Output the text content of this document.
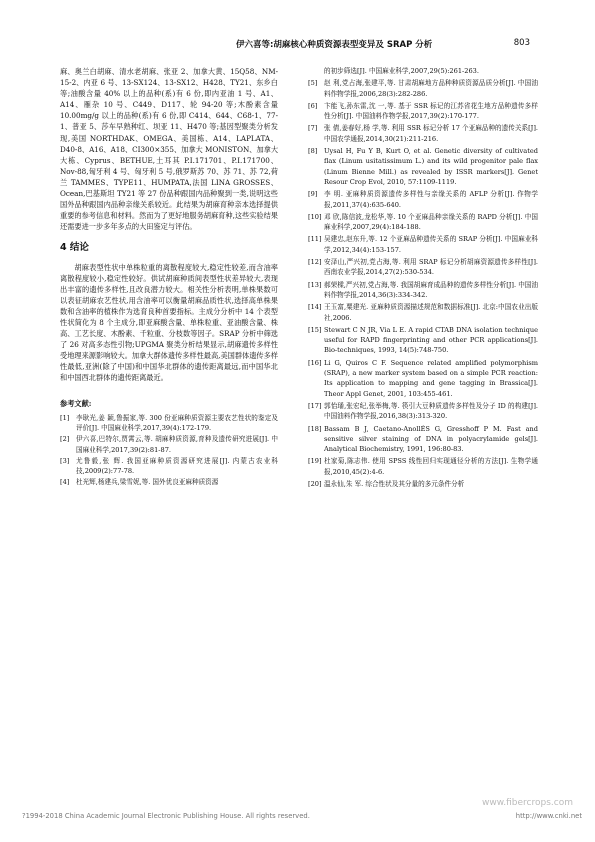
伊六喜等:胡麻核心种质资源表型变异及 SRAP 分析	803

麻、奥兰白胡麻、清水老胡麻、张亚 2、加拿大黄、15Q58、NM-15-2、内亚 6 号、13-SX124、13-SX12、H428、TY21、东乡白等;油酸含量 40% 以上的品种(系)有 6 份,即内亚油 1 号、A1、A14、雁杂 10 号、C449、D117、轮 94-20 等;木酚素含量 10.00mg/g 以上的品种(系)有 6 份,即 C414、644、C68-1、77-1、普亚 5、莎车早熟种红、坝亚 11、H470 等;基因型聚类分析发现,美国 NORTHDAK、OMEGA、美国栋、A14、LAPLATA、D40-8、A16、A18、CI300×355、加拿大 MONISTON、加拿大大栋、Cyprus、BETHUE,土耳其 P.I.171701、P.I.171700、Nov-88,匈牙利 4 号、匈牙利 5 号,俄罗斯苏 70、苏 71、苏 72,荷兰 TAMMES、TYPE11、HUMPATA,法国 LINA GROSSES、Ocean,巴基斯坦 TY21 等 27 份品种跟国内品种聚到一类,说明这些国外品种跟国内品种亲缘关系较近。此结果为胡麻育种亲本选择提供重要的参考信息和材料。然而为了更好地服务胡麻育种,这些实验结果还需要进一步多年多点的大田鉴定与评估。

4 结论

胡麻表型性状中单株粒重的离散程度较大,稳定性较差,而含油率离散程度较小,稳定性较好。供试胡麻种质间表型性状差异较大,表现出丰富的遗传多样性,且改良潜力较大。相关性分析表明,单株果数可以表征胡麻农艺性状,用含油率可以衡量胡麻品质性状,选择高单株果数和含油率的植株作为选育良种首要指标。主成分分析中 14 个表型性状简化为 8 个主成分,即亚麻酸含量、单株粒重、亚油酸含量、株高、工艺长度、木酚素、千粒重、分枝数等因子。SRAP 分析中筛选了 26 对高多态性引物;UPGMA 聚类分析结果显示,胡麻遗传多样性受地理来源影响较大。加拿大群体遗传多样性最高,美国群体遗传多样性最低,亚洲(除了中国)和中国华北群体的遗传距离最远,而中国华北和中国西北群体的遗传距离最近。

参考文献:
[1] 李耿光,姜 颖,鲁振家,等. 300 份亚麻种质资源主要农艺性状的鉴定及评价[J]. 中国麻业科学,2017,39(4):172-179.
[2] 伊六喜,巴特尔,贾霄云,等. 胡麻种质资源,育种及遗传研究进展[J]. 中国麻业科学,2017,39(2):81-87.
[3] 尤鲁毅,张 辉. 我国亚麻种质资源研究进展[J]. 内蒙古农业科技,2009(2):77-78.
[4] 杜光辉,杨建兵,梁雪妮,等. 国外优良亚麻种质资源
的初步筛选[J]. 中国麻业科学,2007,29(5):261-263.
[5] 赵 利,党占海,张建平,等. 甘肃胡麻地方品种种质资源品质分析[J]. 中国油料作物学报,2006,28(3):282-286.
[6] 卞能飞,孙东雷,沈 一,等. 基于 SSR 标记的江苏省花生地方品种遗传多样性分析[J]. 中国油料作物学报,2017,39(2):170-177.
[7] 张 倩,姜春好,杨 学,等. 利用 SSR 标记分析 17 个亚麻品种的遗传关系[J]. 中国农学通报,2014,30(21):211-216.
[8] Uysal H, Fu Y B, Kurt O, et al. Genetic diversity of cultivated flax (Linum usitatissimum L.) and its wild progenitor pale flax (Linum Bienne Mill.) as revealed by ISSR markers[J]. Genet Resour Crop Evol, 2010, 57:1109-1119.
[9] 李 明. 亚麻种质资源遗传多样性与亲缘关系的 AFLP 分析[J]. 作物学报,2011,37(4):635-640.
[10] 邓 欣,陈信波,龙松华,等. 10 个亚麻品种亲缘关系的 RAPD 分析[J]. 中国麻业科学,2007,29(4):184-188.
[11] 吴建忠,赵东升,等. 12 个亚麻品种遗传关系的 SRAP 分析[J]. 中国麻业科学,2012,34(4):153-157.
[12] 安泽山,严兴初,党占海,等. 利用 SRAP 标记分析胡麻资源遗传多样性[J]. 西南农业学报,2014,27(2):530-534.
[13] 郝荣樑,严兴初,党占海,等. 我国胡麻育成品种的遗传多样性分析[J]. 中国油料作物学报,2014,36(3):334-342.
[14] 王玉富,粟建光. 亚麻种质资源描述规范和数据标准[J]. 北京:中国农业出版社,2006.
[15] Stewart C N JR, Via L E. A rapid CTAB DNA isolation technique useful for RAPD fingerprinting and other PCR applications[J]. Bio-techniques, 1993, 14(5):748-750.
[16] Li G, Quiros C F. Sequence related amplified polymorphism (SRAP), a new marker system based on a simple PCR reaction: Its application to mapping and gene tagging in Brassica[J]. Theor Appl Genet, 2001, 103:455-461.
[17] 郭怡璠,张宏纪,张举梅,等. 筷引大豆种质遗传多样性及分子 ID 的构建[J]. 中国油料作物学报,2016,38(3):313-320.
[18] Bassam B J, Caetano-AnollÉS G, Gresshoff P M. Fast and sensitive silver staining of DNA in polyacrylamide gels[J]. Analytical Biochemistry, 1991, 196:80-83.
[19] 杜家菊,陈志伟. 使用 SPSS 线性回归实现通径分析的方法[J]. 生物学通报,2010,45(2):4-6.
[20] 温永仙,朱 军. 综合性状及其分量的多元条件分析
www.fibercrops.com
?1994-2018 China Academic Journal Electronic Publishing House. All rights reserved.	http://www.cnki.net
